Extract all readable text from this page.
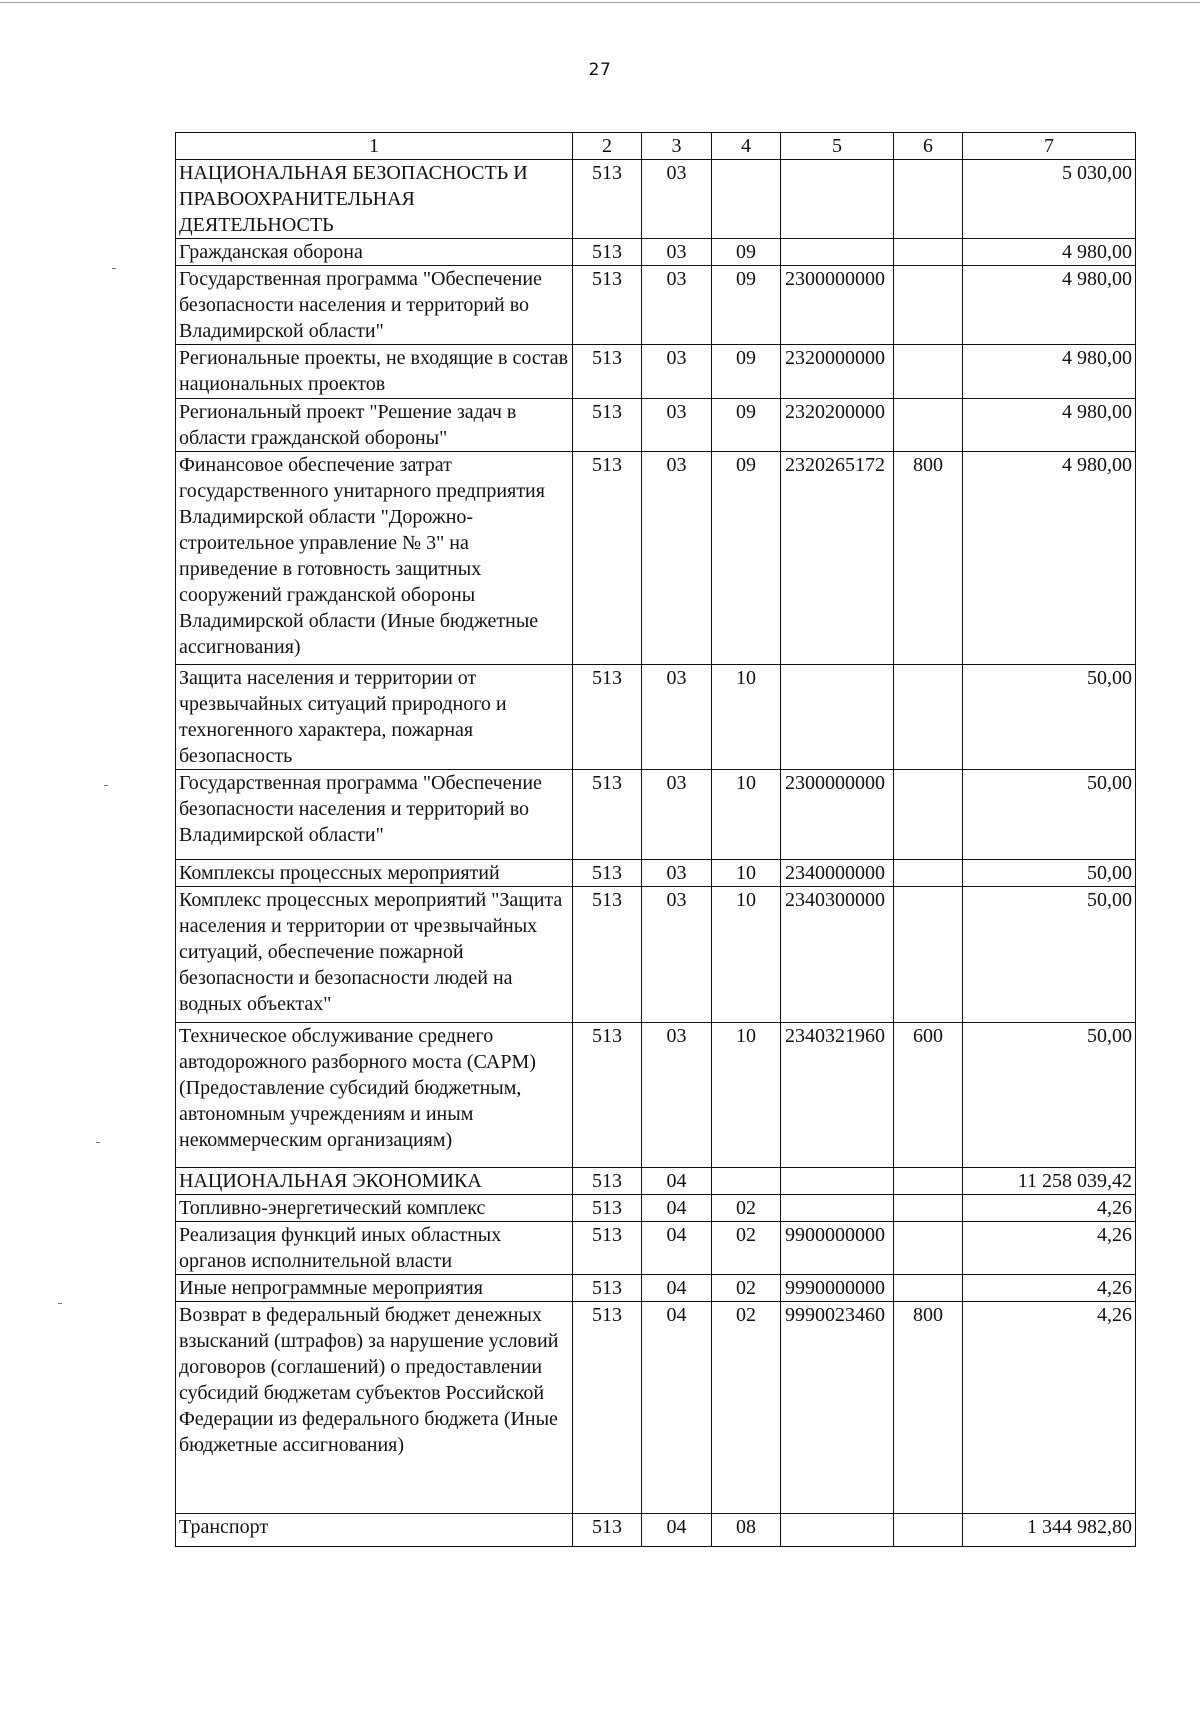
27
1	2	3	4	5	6	7
НАЦИОНАЛЬНАЯ БЕЗОПАСНОСТЬ И ПРАВООХРАНИТЕЛЬНАЯ ДЕЯТЕЛЬНОСТЬ	513	03				5 030,00
Гражданская оборона	513	03	09			4 980,00
Государственная программа "Обеспечение безопасности населения и территорий во Владимирской области"	513	03	09	2300000000		4 980,00
Региональные проекты, не входящие в состав национальных проектов	513	03	09	2320000000		4 980,00
Региональный проект "Решение задач в области гражданской обороны"	513	03	09	2320200000		4 980,00
Финансовое обеспечение затрат государственного унитарного предприятия Владимирской области "Дорожно-строительное управление № 3" на приведение в готовность защитных сооружений гражданской обороны Владимирской области (Иные бюджетные ассигнования)	513	03	09	2320265172	800	4 980,00
Защита населения и территории от чрезвычайных ситуаций природного и техногенного характера, пожарная безопасность	513	03	10			50,00
Государственная программа "Обеспечение безопасности населения и территорий во Владимирской области"	513	03	10	2300000000		50,00
Комплексы процессных мероприятий	513	03	10	2340000000		50,00
Комплекс процессных мероприятий "Защита населения и территории от чрезвычайных ситуаций, обеспечение пожарной безопасности и безопасности людей на водных объектах"	513	03	10	2340300000		50,00
Техническое обслуживание среднего автодорожного разборного моста (САРМ) (Предоставление субсидий бюджетным, автономным учреждениям и иным некоммерческим организациям)	513	03	10	2340321960	600	50,00
НАЦИОНАЛЬНАЯ ЭКОНОМИКА	513	04				11 258 039,42
Топливно-энергетический комплекс	513	04	02			4,26
Реализация функций иных областных органов исполнительной власти	513	04	02	9900000000		4,26
Иные непрограммные мероприятия	513	04	02	9990000000		4,26
Возврат в федеральный бюджет денежных взысканий (штрафов) за нарушение условий договоров (соглашений) о предоставлении субсидий бюджетам субъектов Российской Федерации из федерального бюджета (Иные бюджетные ассигнования)	513	04	02	9990023460	800	4,26
Транспорт	513	04	08			1 344 982,80
